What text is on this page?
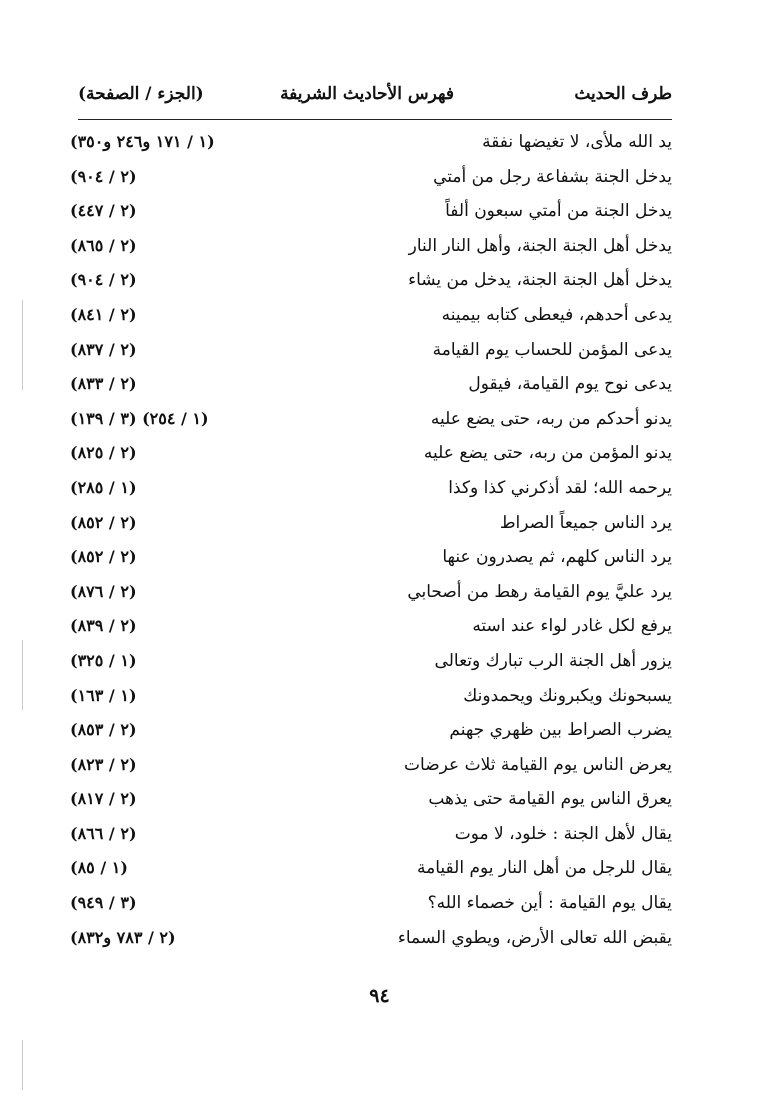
طرف الحديث
فهرس الأحاديث الشريفة
(الجزء / الصفحة)
يد الله ملأى، لا تغيضها نفقة
(١ / ١٧١ و٢٤٦ و٣٥٠)
يدخل الجنة بشفاعة رجل من أمتي
(٢ / ٩٠٤)
يدخل الجنة من أمتي سبعون ألفاً
(٢ / ٤٤٧)
يدخل أهل الجنة الجنة، وأهل النار النار
(٢ / ٨٦٥)
يدخل أهل الجنة الجنة، يدخل من يشاء
(٢ / ٩٠٤)
يدعى أحدهم، فيعطى كتابه بيمينه
(٢ / ٨٤١)
يدعى المؤمن للحساب يوم القيامة
(٢ / ٨٣٧)
يدعى نوح يوم القيامة، فيقول
(٢ / ٨٣٣)
يدنو أحدكم من ربه، حتى يضع عليه
(١ / ٢٥٤) (٣ / ١٣٩)
يدنو المؤمن من ربه، حتى يضع عليه
(٢ / ٨٢٥)
يرحمه الله؛ لقد أذكرني كذا وكذا
(١ / ٢٨٥)
يرد الناس جميعاً الصراط
(٢ / ٨٥٢)
يرد الناس كلهم، ثم يصدرون عنها
(٢ / ٨٥٢)
يرد عليَّ يوم القيامة رهط من أصحابي
(٢ / ٨٧٦)
يرفع لكل غادر لواء عند استه
(٢ / ٨٣٩)
يزور أهل الجنة الرب تبارك وتعالى
(١ / ٣٢٥)
يسبحونك ويكبرونك ويحمدونك
(١ / ١٦٣)
يضرب الصراط بين ظهري جهنم
(٢ / ٨٥٣)
يعرض الناس يوم القيامة ثلاث عرضات
(٢ / ٨٢٣)
يعرق الناس يوم القيامة حتى يذهب
(٢ / ٨١٧)
يقال لأهل الجنة : خلود، لا موت
(٢ / ٨٦٦)
يقال للرجل من أهل النار يوم القيامة
(١ / ٨٥)
يقال يوم القيامة : أين خصماء الله؟
(٣ / ٩٤٩)
يقبض الله تعالى الأرض، ويطوي السماء
(٢ / ٧٨٣ و٨٣٢)
٩٤
